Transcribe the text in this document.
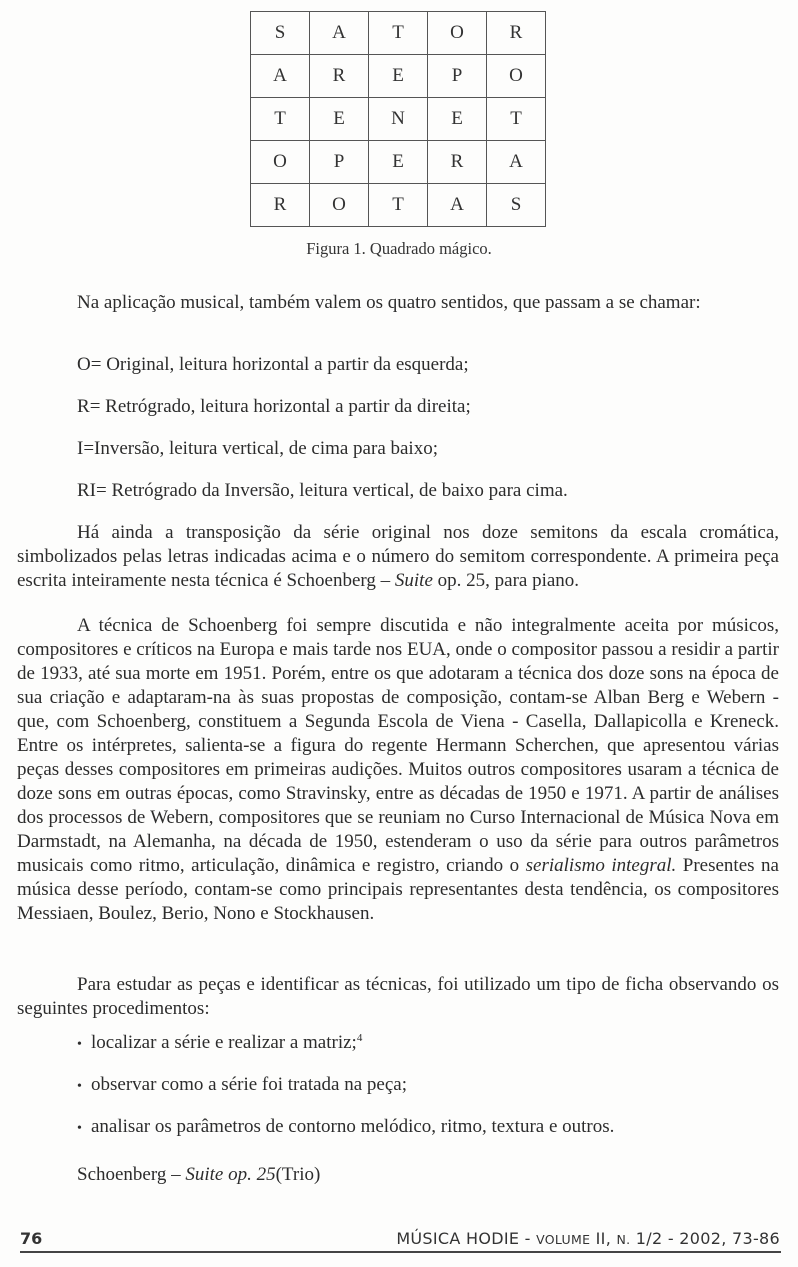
S	A	T	O	R
A	R	E	P	O
T	E	N	E	T
O	P	E	R	A
R	O	T	A	S
Figura 1. Quadrado mágico.

Na aplicação musical, também valem os quatro sentidos, que passam a se chamar:

O= Original, leitura horizontal a partir da esquerda;
R= Retrógrado, leitura horizontal a partir da direita;
I=Inversão, leitura vertical, de cima para baixo;
RI= Retrógrado da Inversão, leitura vertical, de baixo para cima.

Há ainda a transposição da série original nos doze semitons da escala cromática, simbolizados pelas letras indicadas acima e o número do semitom correspondente. A primeira peça escrita inteiramente nesta técnica é Schoenberg – Suite op. 25, para piano.

A técnica de Schoenberg foi sempre discutida e não integralmente aceita por músicos, compositores e críticos na Europa e mais tarde nos EUA, onde o compositor passou a residir a partir de 1933, até sua morte em 1951. Porém, entre os que adotaram a técnica dos doze sons na época de sua criação e adaptaram-na às suas propostas de composição, contam-se Alban Berg e Webern - que, com Schoenberg, constituem a Segunda Escola de Viena - Casella, Dallapicolla e Kreneck. Entre os intérpretes, salienta-se a figura do regente Hermann Scherchen, que apresentou várias peças desses compositores em primeiras audições. Muitos outros compositores usaram a técnica de doze sons em outras épocas, como Stravinsky, entre as décadas de 1950 e 1971. A partir de análises dos processos de Webern, compositores que se reuniam no Curso Internacional de Música Nova em Darmstadt, na Alemanha, na década de 1950, estenderam o uso da série para outros parâmetros musicais como ritmo, articulação, dinâmica e registro, criando o serialismo integral. Presentes na música desse período, contam-se como principais representantes desta tendência, os compositores Messiaen, Boulez, Berio, Nono e Stockhausen.

Para estudar as peças e identificar as técnicas, foi utilizado um tipo de ficha observando os seguintes procedimentos:

• localizar a série e realizar a matriz;$^4$
• observar como a série foi tratada na peça;
• analisar os parâmetros de contorno melódico, ritmo, textura e outros.
Schoenberg – Suite op. 25(Trio)
76	MÚSICA HODIE - VOLUME II, N. 1/2 - 2002, 73-86
